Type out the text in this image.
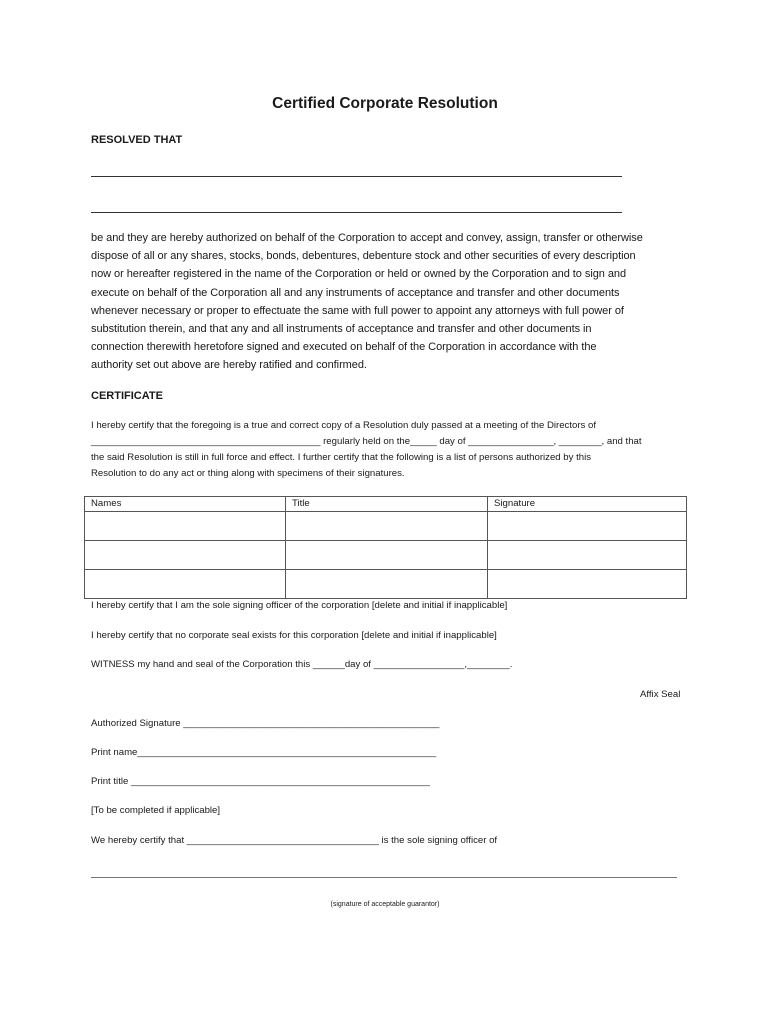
Certified Corporate Resolution
RESOLVED THAT
be and they are hereby authorized on behalf of the Corporation to accept and convey, assign, transfer or otherwise
dispose of all or any shares, stocks, bonds, debentures, debenture stock and other securities of every description
now or hereafter registered in the name of the Corporation or held or owned by the Corporation and to sign and
execute on behalf of the Corporation all and any instruments of acceptance and transfer and other documents
whenever necessary or proper to effectuate the same with full power to appoint any attorneys with full power of
substitution therein, and that any and all instruments of acceptance and transfer and other documents in
connection therewith heretofore signed and executed on behalf of the Corporation in accordance with the
authority set out above are hereby ratified and confirmed.
CERTIFICATE
I hereby certify that the foregoing is a true and correct copy of a Resolution duly passed at a meeting of the Directors of
___________________________________________ regularly held on the_____ day of ________________, ________, and that
the said Resolution is still in full force and effect. I further certify that the following is a list of persons authorized by this
Resolution to do any act or thing along with specimens of their signatures.
Names	Title	Signature

I hereby certify that I am the sole signing officer of the corporation [delete and initial if inapplicable]
I hereby certify that no corporate seal exists for this corporation [delete and initial if inapplicable]
WITNESS my hand and seal of the Corporation this ______day of _________________,________.
Affix Seal
Authorized Signature ________________________________________________
Print name________________________________________________________
Print title ________________________________________________________
[To be completed if applicable]
We hereby certify that ____________________________________ is the sole signing officer of
(signature of acceptable guarantor)
